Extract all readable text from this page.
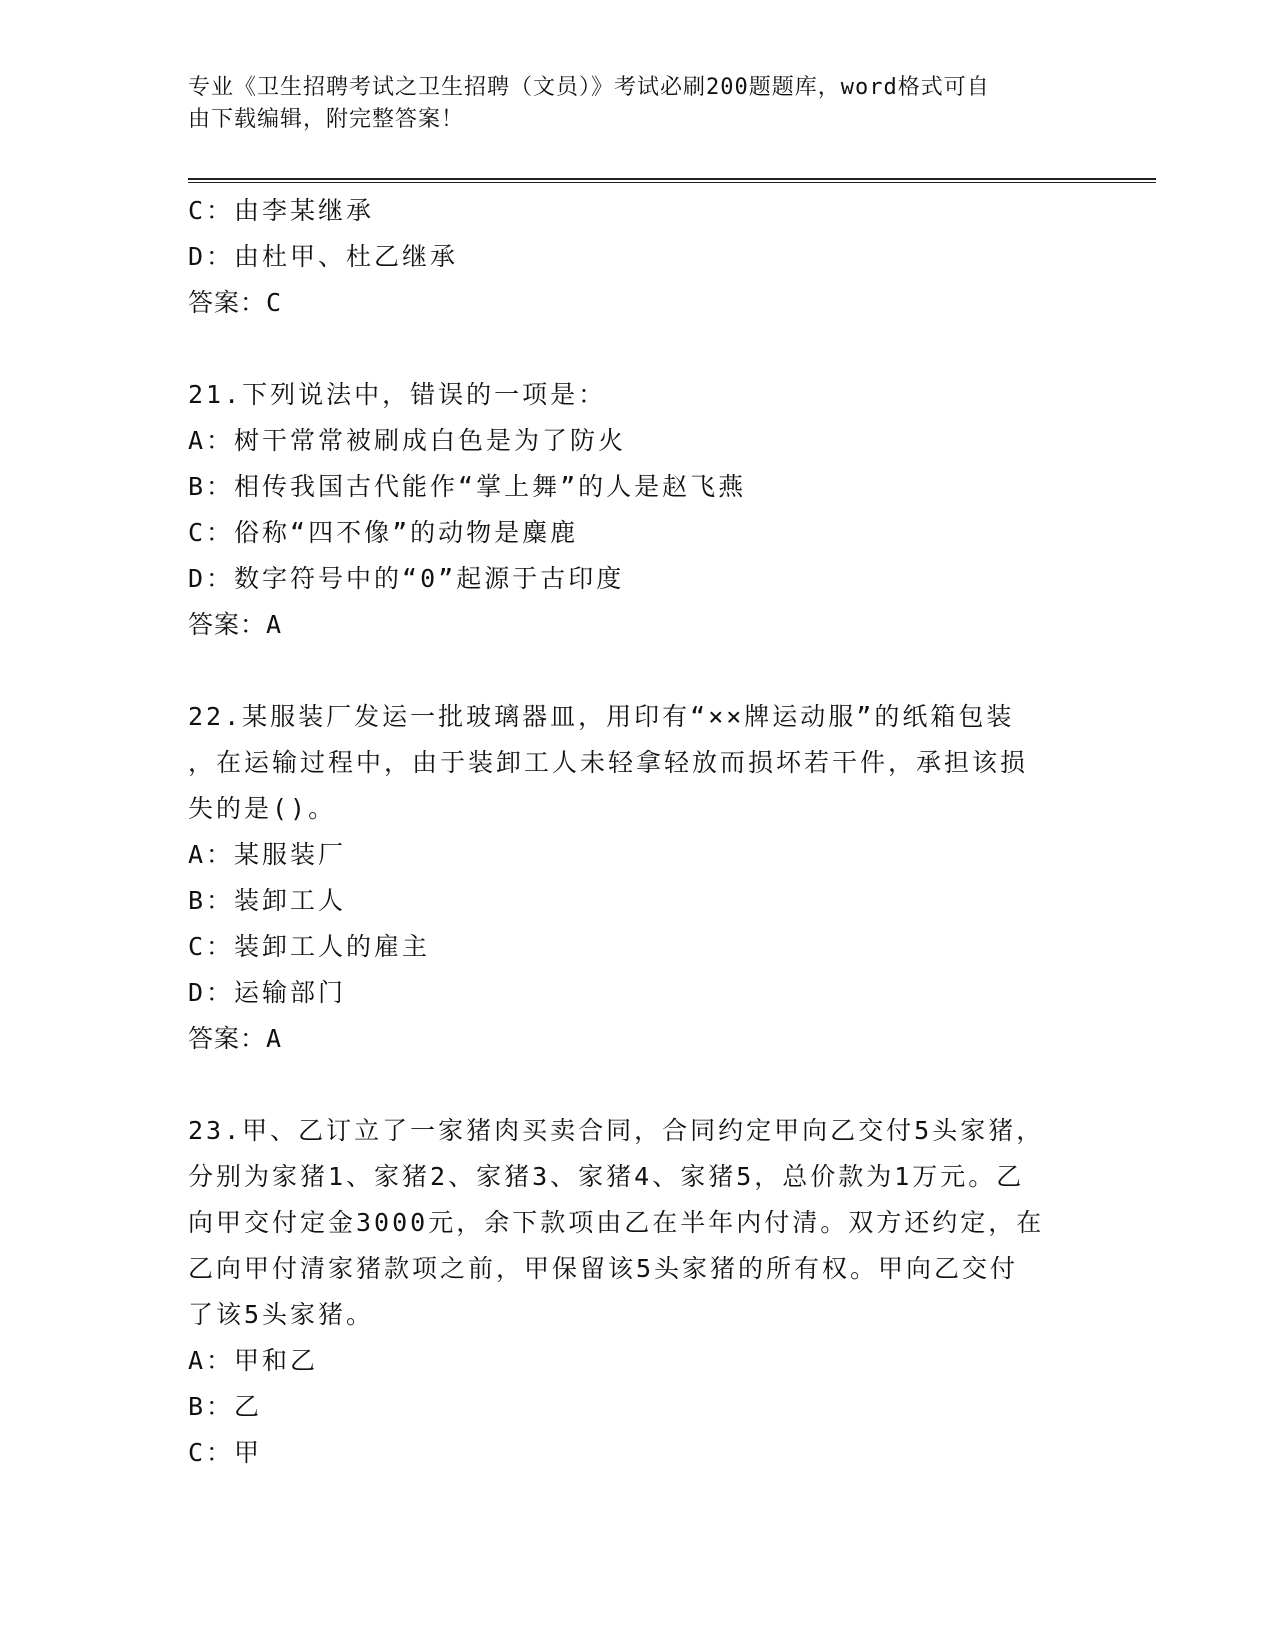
专业《卫生招聘考试之卫生招聘（文员）》考试必刷200题题库，word格式可自
由下载编辑，附完整答案！
C：由李某继承
D：由杜甲、杜乙继承
答案：C
21.下列说法中，错误的一项是：
A：树干常常被刷成白色是为了防火
B：相传我国古代能作“掌上舞”的人是赵飞燕
C：俗称“四不像”的动物是麋鹿
D：数字符号中的“0”起源于古印度
答案：A
22.某服装厂发运一批玻璃器皿，用印有“××牌运动服”的纸箱包装
，在运输过程中，由于装卸工人未轻拿轻放而损坏若干件，承担该损
失的是()。
A：某服装厂
B：装卸工人
C：装卸工人的雇主
D：运输部门
答案：A
23.甲、乙订立了一家猪肉买卖合同，合同约定甲向乙交付5头家猪，
分别为家猪1、家猪2、家猪3、家猪4、家猪5，总价款为1万元。乙
向甲交付定金3000元，余下款项由乙在半年内付清。双方还约定，在
乙向甲付清家猪款项之前，甲保留该5头家猪的所有权。甲向乙交付
了该5头家猪。
A：甲和乙
B：乙
C：甲
